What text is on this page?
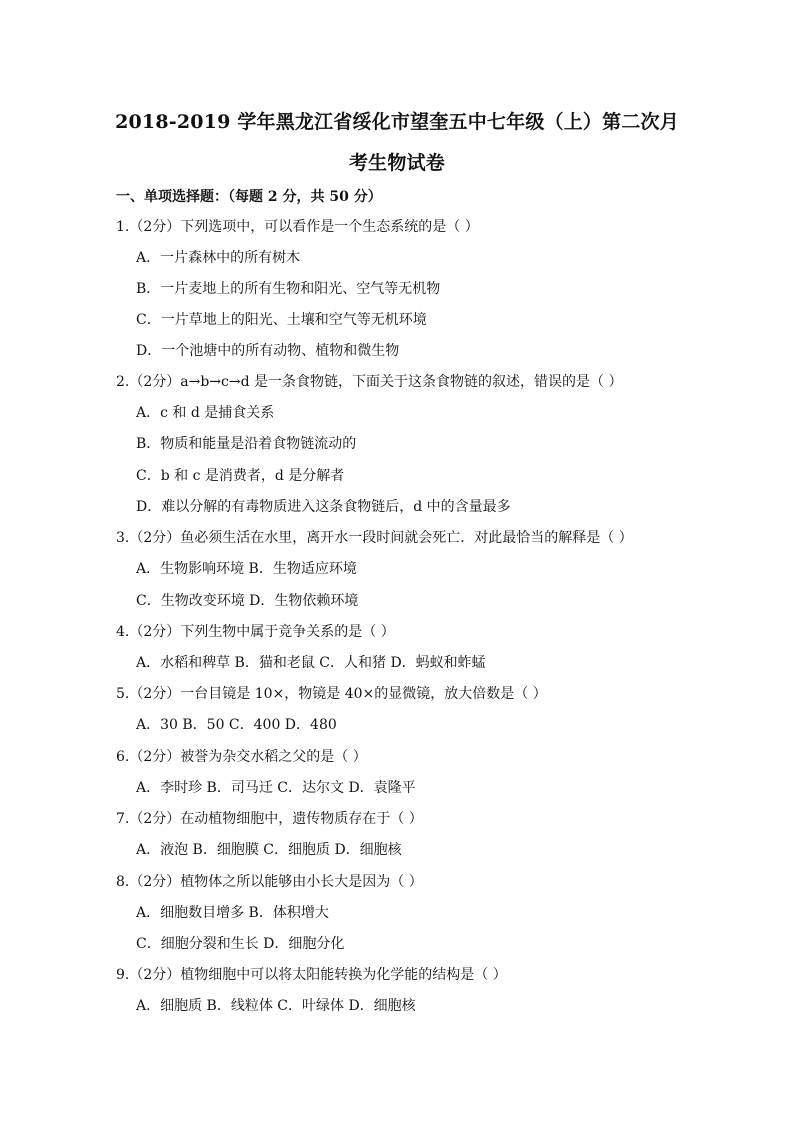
2018-2019 学年黑龙江省绥化市望奎五中七年级（上）第二次月
考生物试卷
一、单项选择题：（每题 2 分，共 50 分）
1.（2分）下列选项中，可以看作是一个生态系统的是（ ）
A．一片森林中的所有树木
B．一片麦地上的所有生物和阳光、空气等无机物
C．一片草地上的阳光、土壤和空气等无机环境
D．一个池塘中的所有动物、植物和微生物
2.（2分）a→b→c→d 是一条食物链，下面关于这条食物链的叙述，错误的是（ ）
A．c 和 d 是捕食关系
B．物质和能量是沿着食物链流动的
C．b 和 c 是消费者，d 是分解者
D．难以分解的有毒物质进入这条食物链后，d 中的含量最多
3.（2分）鱼必须生活在水里，离开水一段时间就会死亡．对此最恰当的解释是（ ）
A．生物影响环境 B．生物适应环境
C．生物改变环境 D．生物依赖环境
4.（2分）下列生物中属于竞争关系的是（ ）
A．水稻和稗草 B．猫和老鼠 C．人和猪 D．蚂蚁和蚱蜢
5.（2分）一台目镜是 10×，物镜是 40×的显微镜，放大倍数是（ ）
A．30 B．50 C．400 D．480
6.（2分）被誉为杂交水稻之父的是（ ）
A．李时珍 B．司马迁 C．达尔文 D．袁隆平
7.（2分）在动植物细胞中，遗传物质存在于（ ）
A．液泡 B．细胞膜 C．细胞质 D．细胞核
8.（2分）植物体之所以能够由小长大是因为（ ）
A．细胞数目增多 B．体积增大
C．细胞分裂和生长 D．细胞分化
9.（2分）植物细胞中可以将太阳能转换为化学能的结构是（ ）
A．细胞质 B．线粒体 C．叶绿体 D．细胞核
